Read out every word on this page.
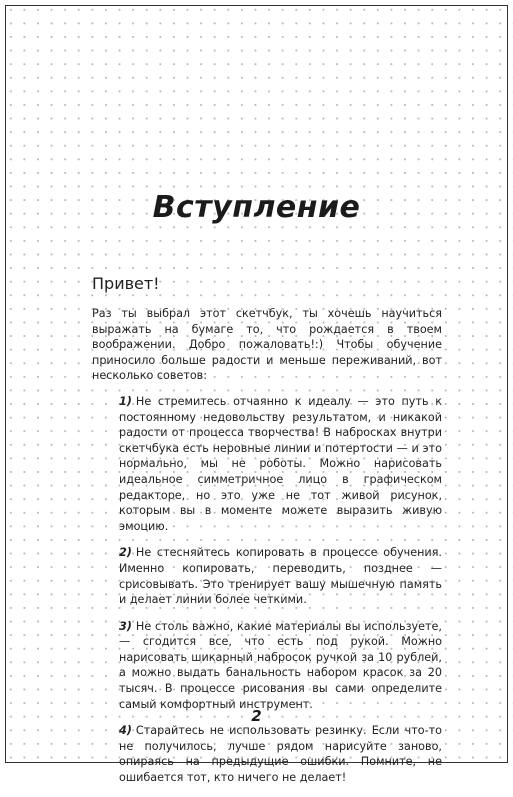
Вступление

Привет!

Раз ты выбрал этот скетчбук, ты хочешь научиться выражать на бумаге то, что рождается в твоем воображении. Добро пожаловать!:) Чтобы обучение приносило больше радости и меньше переживаний, вот несколько советов:

1) Не стремитесь отчаянно к идеалу — это путь к постоянному недовольству результатом, и никакой радости от процесса творчества! В набросках внутри скетчбука есть неровные линии и потертости — и это нормально, мы не роботы. Можно нарисовать идеальное симметричное лицо в графическом редакторе, но это уже не тот живой рисунок, которым вы в моменте можете выразить живую эмоцию.
2) Не стесняйтесь копировать в процессе обучения. Именно копировать, переводить, позднее — срисовывать. Это тренирует вашу мышечную память и делает линии более четкими.
3) Не столь важно, какие материалы вы используете, — сгодится все, что есть под рукой. Можно нарисовать шикарный набросок ручкой за 10 рублей, а можно выдать банальность набором красок за 20 тысяч. В процессе рисования вы сами определите самый комфортный инструмент.
4) Старайтесь не использовать резинку. Если что-то не получилось, лучше рядом нарисуйте заново, опираясь на предыдущие ошибки. Помните, не ошибается тот, кто ничего не делает!
2
